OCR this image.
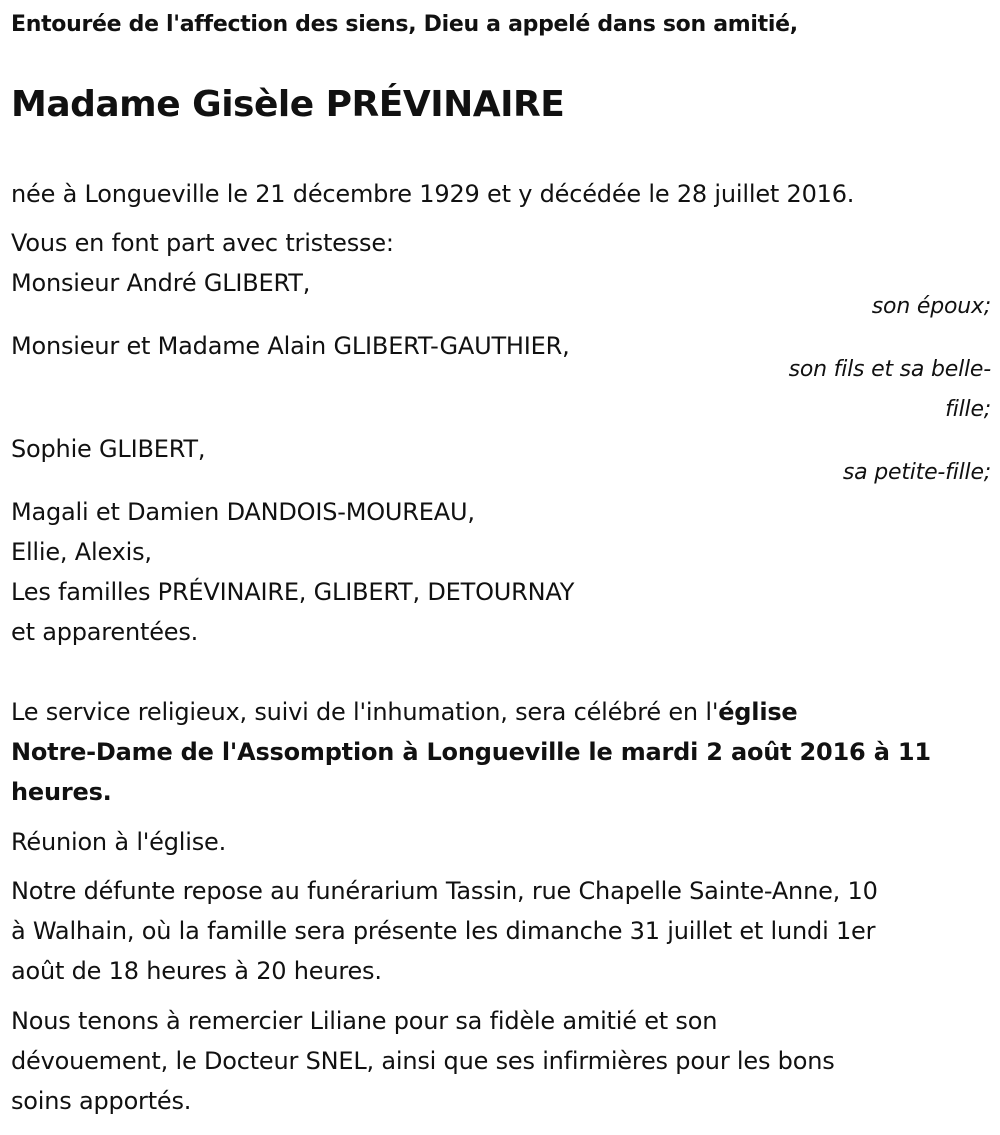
Entourée de l'affection des siens, Dieu a appelé dans son amitié,
Madame Gisèle PRÉVINAIRE
née à Longueville le 21 décembre 1929 et y décédée le 28 juillet 2016.
Vous en font part avec tristesse:
Monsieur André GLIBERT,
son époux;
Monsieur et Madame Alain GLIBERT-GAUTHIER,
son fils et sa belle-
fille;
Sophie GLIBERT,
sa petite-fille;
Magali et Damien DANDOIS-MOUREAU,
Ellie, Alexis,
Les familles PRÉVINAIRE, GLIBERT, DETOURNAY
et apparentées.
Le service religieux, suivi de l'inhumation, sera célébré en l'église
Notre-Dame de l'Assomption à Longueville le mardi 2 août 2016 à 11
heures.
Réunion à l'église.
Notre défunte repose au funérarium Tassin, rue Chapelle Sainte-Anne, 10
à Walhain, où la famille sera présente les dimanche 31 juillet et lundi 1er
août de 18 heures à 20 heures.
Nous tenons à remercier Liliane pour sa fidèle amitié et son
dévouement, le Docteur SNEL, ainsi que ses infirmières pour les bons
soins apportés.
